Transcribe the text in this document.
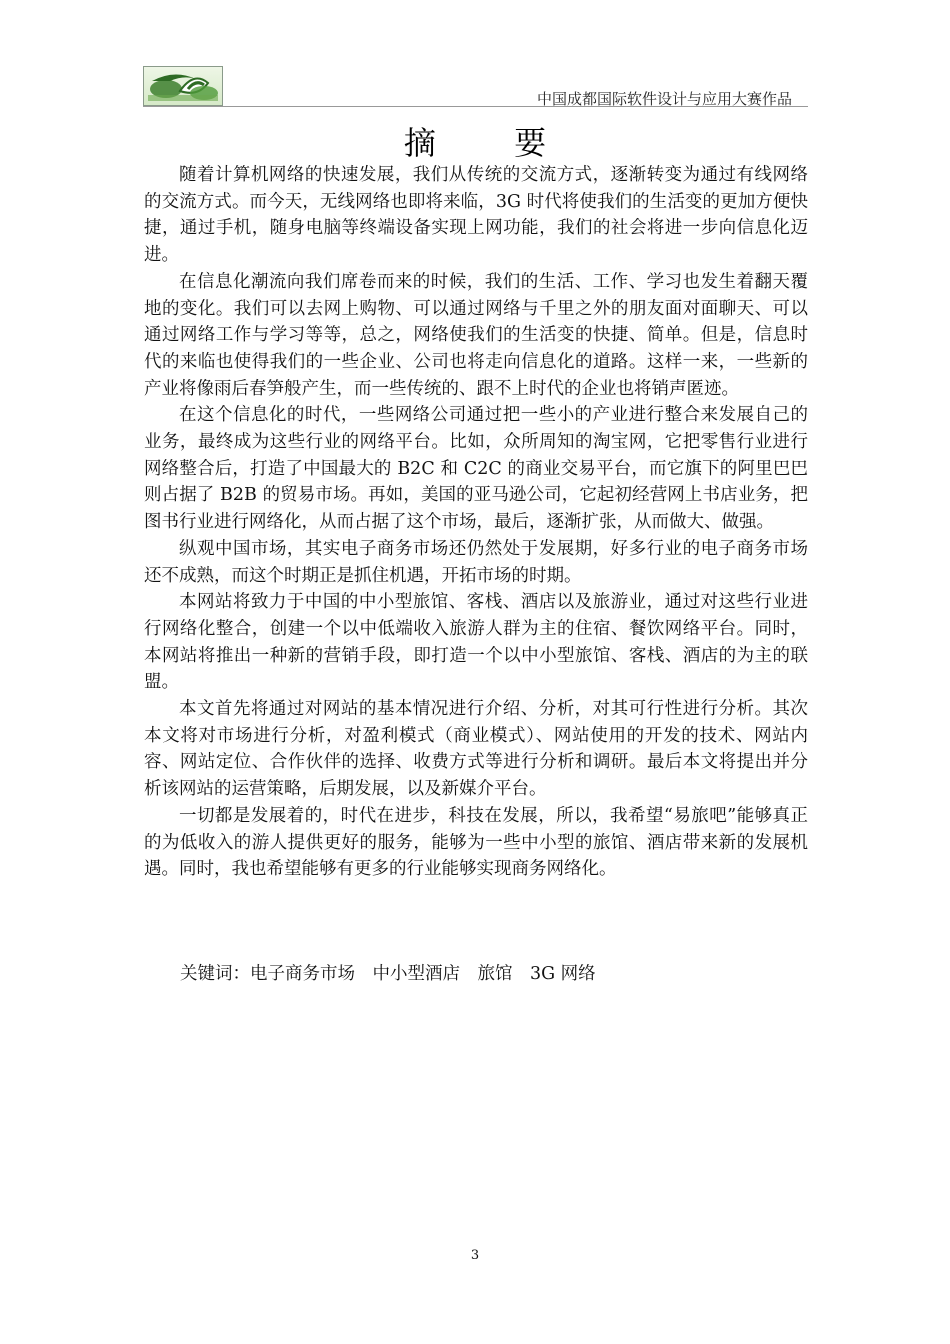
中国成都国际软件设计与应用大赛作品
摘 要

随着计算机网络的快速发展，我们从传统的交流方式，逐渐转变为通过有线网络的交流方式。而今天，无线网络也即将来临，3G 时代将使我们的生活变的更加方便快捷，通过手机，随身电脑等终端设备实现上网功能，我们的社会将进一步向信息化迈进。

在信息化潮流向我们席卷而来的时候，我们的生活、工作、学习也发生着翻天覆地的变化。我们可以去网上购物、可以通过网络与千里之外的朋友面对面聊天、可以通过网络工作与学习等等，总之，网络使我们的生活变的快捷、简单。但是，信息时代的来临也使得我们的一些企业、公司也将走向信息化的道路。这样一来，一些新的产业将像雨后春笋般产生，而一些传统的、跟不上时代的企业也将销声匿迹。

在这个信息化的时代，一些网络公司通过把一些小的产业进行整合来发展自己的业务，最终成为这些行业的网络平台。比如，众所周知的淘宝网，它把零售行业进行网络整合后，打造了中国最大的 B2C 和 C2C 的商业交易平台，而它旗下的阿里巴巴则占据了 B2B 的贸易市场。再如，美国的亚马逊公司，它起初经营网上书店业务，把图书行业进行网络化，从而占据了这个市场，最后，逐渐扩张，从而做大、做强。

纵观中国市场，其实电子商务市场还仍然处于发展期，好多行业的电子商务市场还不成熟，而这个时期正是抓住机遇，开拓市场的时期。

本网站将致力于中国的中小型旅馆、客栈、酒店以及旅游业，通过对这些行业进行网络化整合，创建一个以中低端收入旅游人群为主的住宿、餐饮网络平台。同时，本网站将推出一种新的营销手段，即打造一个以中小型旅馆、客栈、酒店的为主的联盟。

本文首先将通过对网站的基本情况进行介绍、分析，对其可行性进行分析。其次本文将对市场进行分析，对盈利模式（商业模式）、网站使用的开发的技术、网站内容、网站定位、合作伙伴的选择、收费方式等进行分析和调研。最后本文将提出并分析该网站的运营策略，后期发展，以及新媒介平台。

一切都是发展着的，时代在进步，科技在发展，所以，我希望“易旅吧”能够真正的为低收入的游人提供更好的服务，能够为一些中小型的旅馆、酒店带来新的发展机遇。同时，我也希望能够有更多的行业能够实现商务网络化。

关键词：电子商务市场　中小型酒店　旅馆　3G 网络
3
